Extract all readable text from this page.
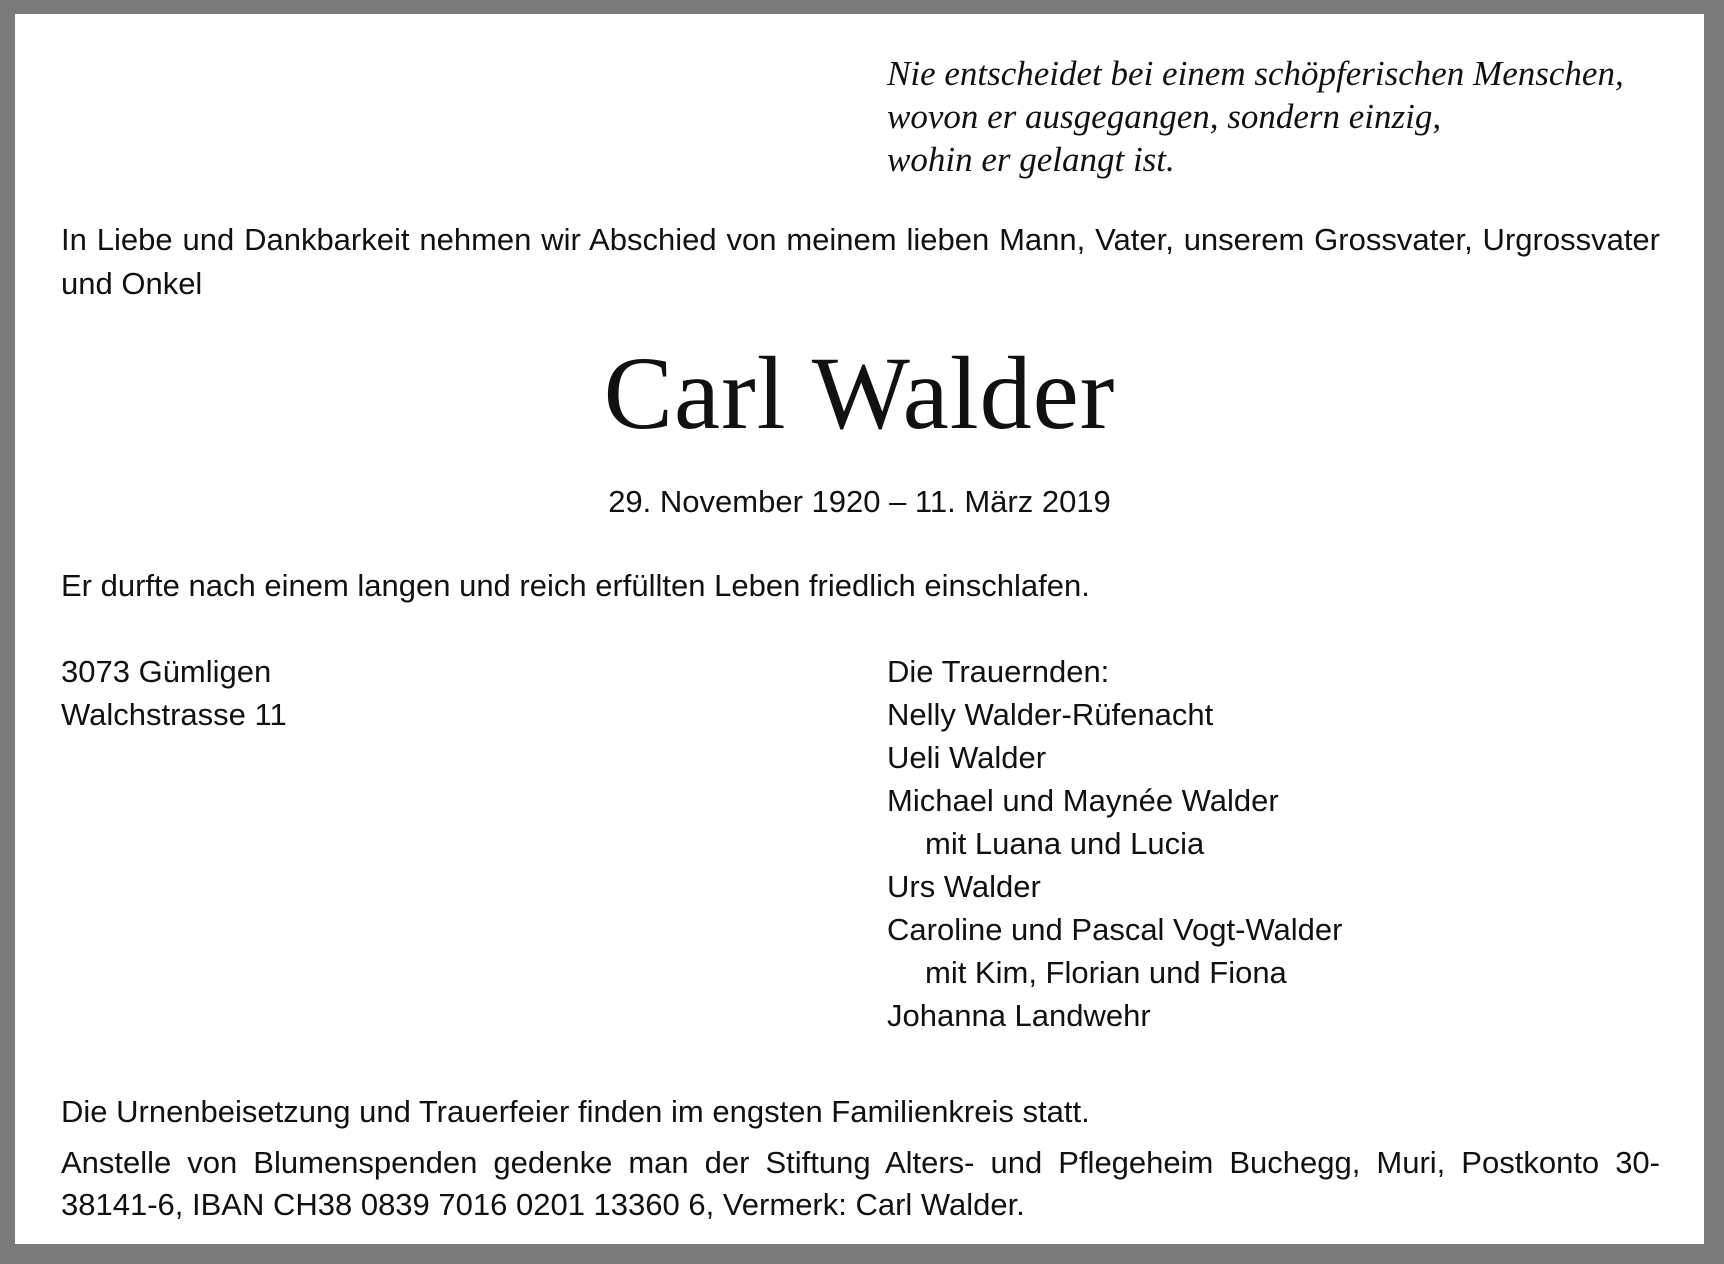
Nie entscheidet bei einem schöpferischen Menschen,
wovon er ausgegangen, sondern einzig,
wohin er gelangt ist.
In Liebe und Dankbarkeit nehmen wir Abschied von meinem lieben Mann, Vater, unserem Grossvater, Urgrossvater und Onkel
Carl Walder
29. November 1920 – 11. März 2019
Er durfte nach einem langen und reich erfüllten Leben friedlich einschlafen.
3073 Gümligen
Walchstrasse 11
Die Trauernden:
Nelly Walder-Rüfenacht
Ueli Walder
Michael und Maynée Walder
mit Luana und Lucia
Urs Walder
Caroline und Pascal Vogt-Walder
mit Kim, Florian und Fiona
Johanna Landwehr
Die Urnenbeisetzung und Trauerfeier finden im engsten Familienkreis statt.
Anstelle von Blumenspenden gedenke man der Stiftung Alters- und Pflegeheim Buchegg, Muri, Postkonto 30-38141-6, IBAN CH38 0839 7016 0201 13360 6, Vermerk: Carl Walder.
